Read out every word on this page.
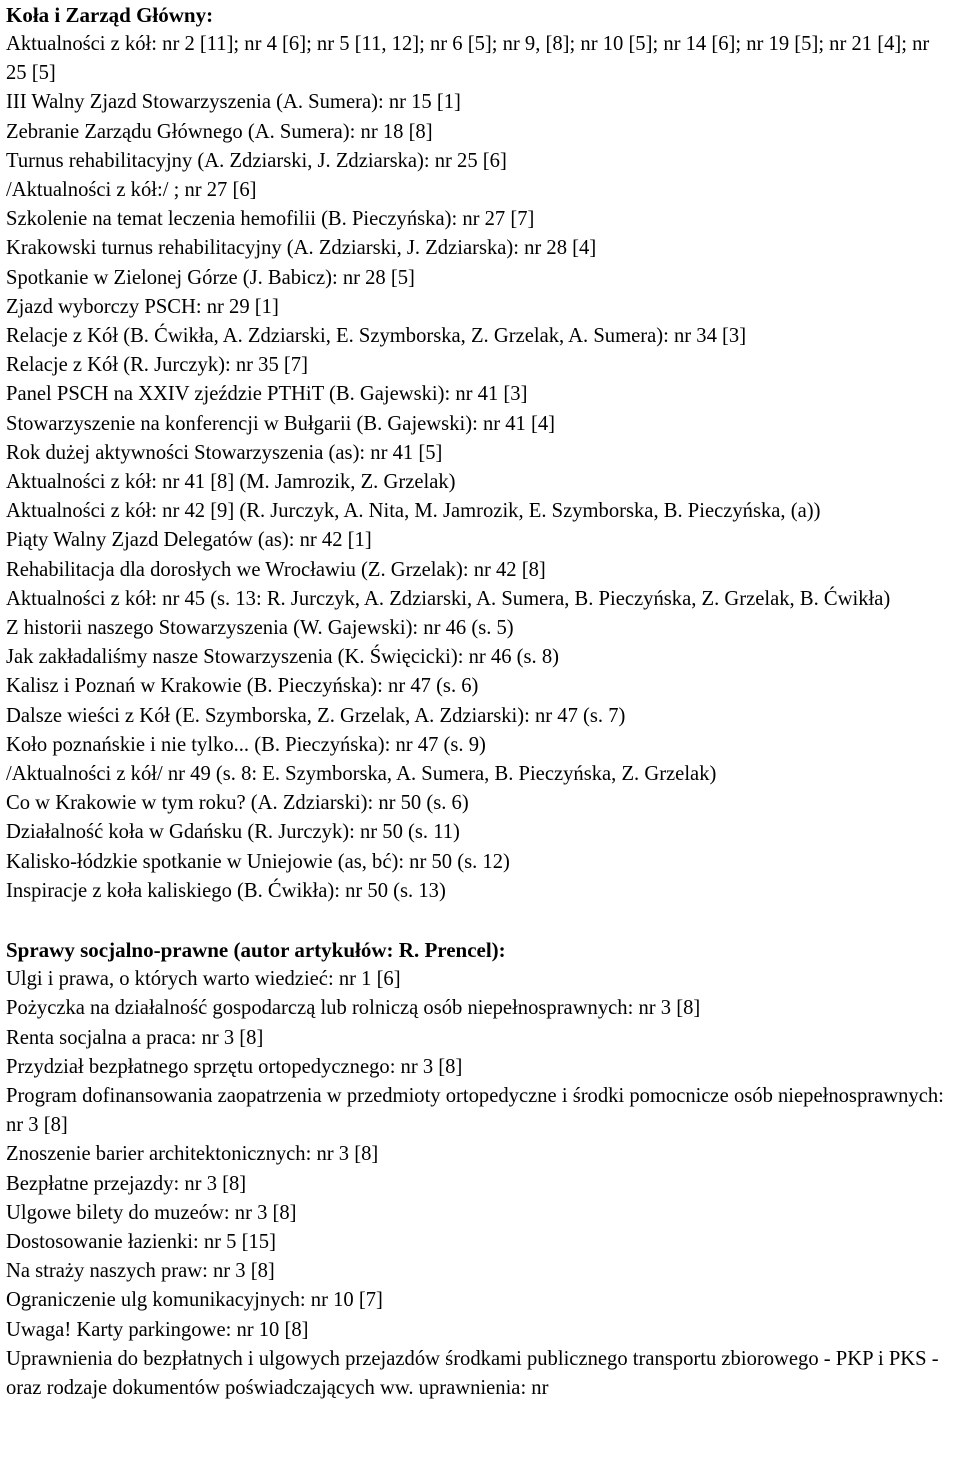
Koła i Zarząd Główny:

Aktualności z kół: nr 2 [11]; nr 4 [6]; nr 5 [11, 12]; nr 6 [5]; nr 9, [8]; nr 10 [5]; nr 14 [6]; nr 19 [5]; nr 21 [4]; nr 25 [5]

III Walny Zjazd Stowarzyszenia (A. Sumera): nr 15 [1]

Zebranie Zarządu Głównego (A. Sumera): nr 18 [8]

Turnus rehabilitacyjny (A. Zdziarski, J. Zdziarska): nr 25 [6]

/Aktualności z kół:/ ; nr 27 [6]

Szkolenie na temat leczenia hemofilii (B. Pieczyńska): nr 27 [7]

Krakowski turnus rehabilitacyjny (A. Zdziarski, J. Zdziarska): nr 28 [4]

Spotkanie w Zielonej Górze (J. Babicz): nr 28 [5]

Zjazd wyborczy PSCH: nr 29 [1]

Relacje z Kół (B. Ćwikła, A. Zdziarski, E. Szymborska, Z. Grzelak, A. Sumera): nr 34 [3]

Relacje z Kół (R. Jurczyk): nr 35 [7]

Panel PSCH na XXIV zjeździe PTHiT (B. Gajewski): nr 41 [3]

Stowarzyszenie na konferencji w Bułgarii (B. Gajewski): nr 41 [4]

Rok dużej aktywności Stowarzyszenia (as): nr 41 [5]

Aktualności z kół: nr 41 [8] (M. Jamrozik, Z. Grzelak)

Aktualności z kół: nr 42 [9] (R. Jurczyk, A. Nita, M. Jamrozik, E. Szymborska, B. Pieczyńska, (a))

Piąty Walny Zjazd Delegatów (as): nr 42 [1]

Rehabilitacja dla dorosłych we Wrocławiu (Z. Grzelak): nr 42 [8]

Aktualności z kół: nr 45 (s. 13: R. Jurczyk, A. Zdziarski, A. Sumera, B. Pieczyńska, Z. Grzelak, B. Ćwikła)

Z historii naszego Stowarzyszenia (W. Gajewski): nr 46 (s. 5)

Jak zakładaliśmy nasze Stowarzyszenia (K. Święcicki): nr 46 (s. 8)

Kalisz i Poznań w Krakowie (B. Pieczyńska): nr 47 (s. 6)

Dalsze wieści z Kół (E. Szymborska, Z. Grzelak, A. Zdziarski): nr 47 (s. 7)

Koło poznańskie i nie tylko... (B. Pieczyńska): nr 47 (s. 9)

/Aktualności z kół/ nr 49 (s. 8: E. Szymborska, A. Sumera, B. Pieczyńska, Z. Grzelak)

Co w Krakowie w tym roku? (A. Zdziarski): nr 50 (s. 6)

Działalność koła w Gdańsku (R. Jurczyk): nr 50 (s. 11)

Kalisko-łódzkie spotkanie w Uniejowie (as, bć): nr 50 (s. 12)

Inspiracje z koła kaliskiego (B. Ćwikła): nr 50 (s. 13)

Sprawy socjalno-prawne (autor artykułów: R. Prencel):

Ulgi i prawa, o których warto wiedzieć: nr 1 [6]

Pożyczka na działalność gospodarczą lub rolniczą osób niepełnosprawnych: nr 3 [8]

Renta socjalna a praca: nr 3 [8]

Przydział bezpłatnego sprzętu ortopedycznego: nr 3 [8]

Program dofinansowania zaopatrzenia w przedmioty ortopedyczne i środki pomocnicze osób niepełnosprawnych: nr 3 [8]

Znoszenie barier architektonicznych: nr 3 [8]

Bezpłatne przejazdy: nr 3 [8]

Ulgowe bilety do muzeów: nr 3 [8]

Dostosowanie łazienki: nr 5 [15]

Na straży naszych praw: nr 3 [8]

Ograniczenie ulg komunikacyjnych: nr 10 [7]

Uwaga! Karty parkingowe: nr 10 [8]

Uprawnienia do bezpłatnych i ulgowych przejazdów środkami publicznego transportu zbiorowego - PKP i PKS - oraz rodzaje dokumentów poświadczających ww. uprawnienia: nr
